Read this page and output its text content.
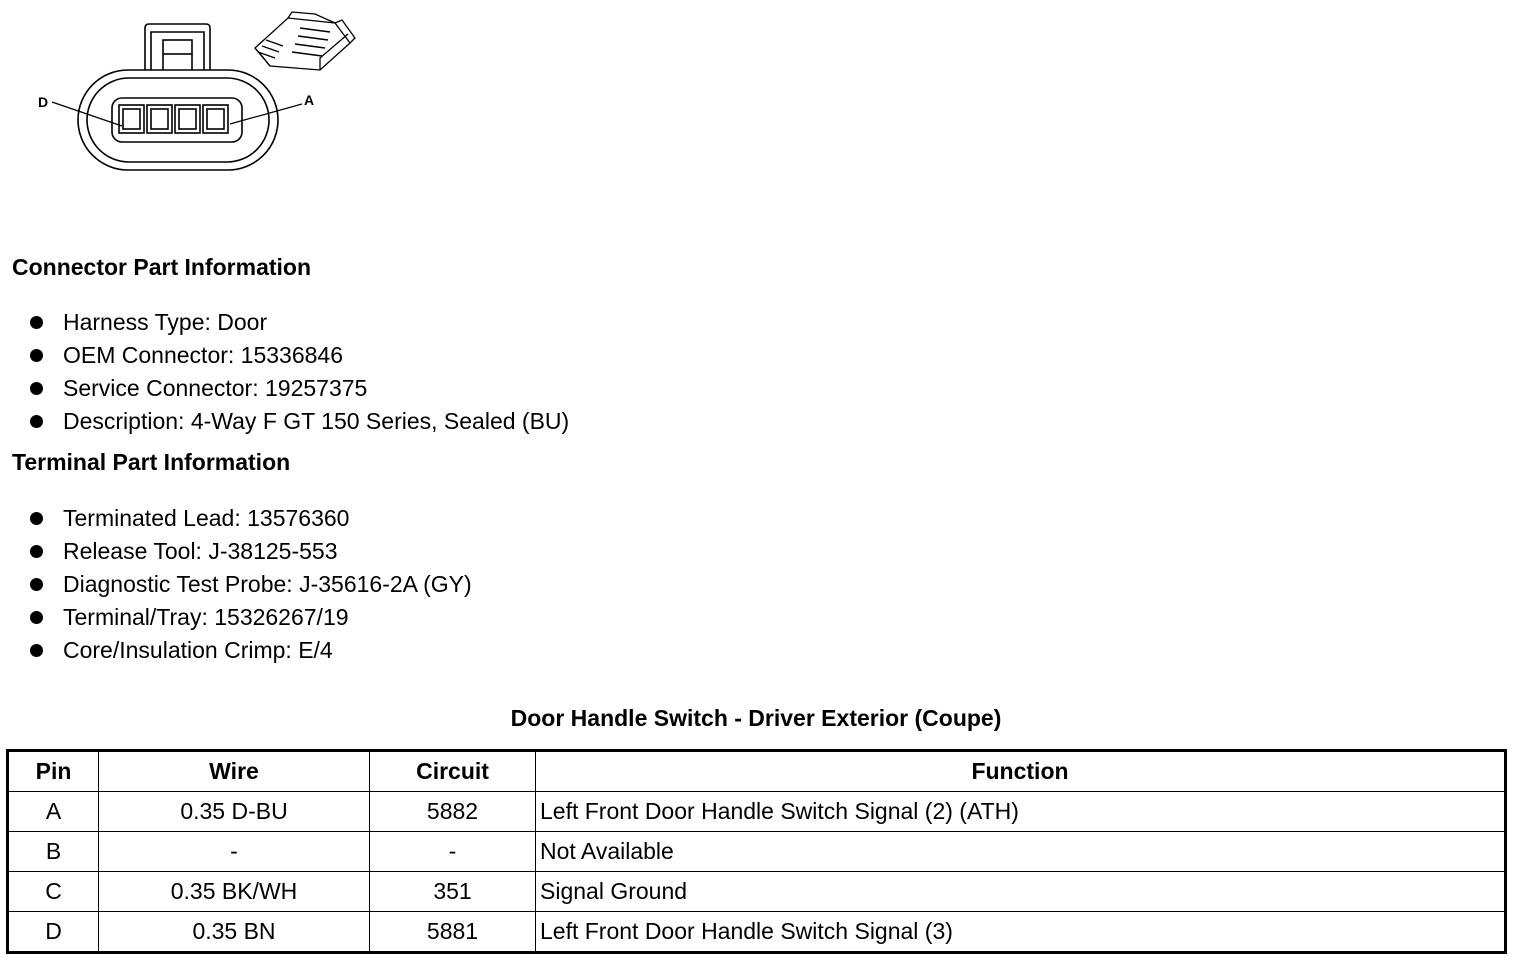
D	A
Connector Part Information
Harness Type: Door
OEM Connector: 15336846
Service Connector: 19257375
Description: 4-Way F GT 150 Series, Sealed (BU)
Terminal Part Information
Terminated Lead: 13576360
Release Tool: J-38125-553
Diagnostic Test Probe: J-35616-2A (GY)
Terminal/Tray: 15326267/19
Core/Insulation Crimp: E/4
Door Handle Switch - Driver Exterior (Coupe)
Pin	Wire	Circuit	Function
A	0.35 D-BU	5882	Left Front Door Handle Switch Signal (2) (ATH)
B	-	-	Not Available
C	0.35 BK/WH	351	Signal Ground
D	0.35 BN	5881	Left Front Door Handle Switch Signal (3)
